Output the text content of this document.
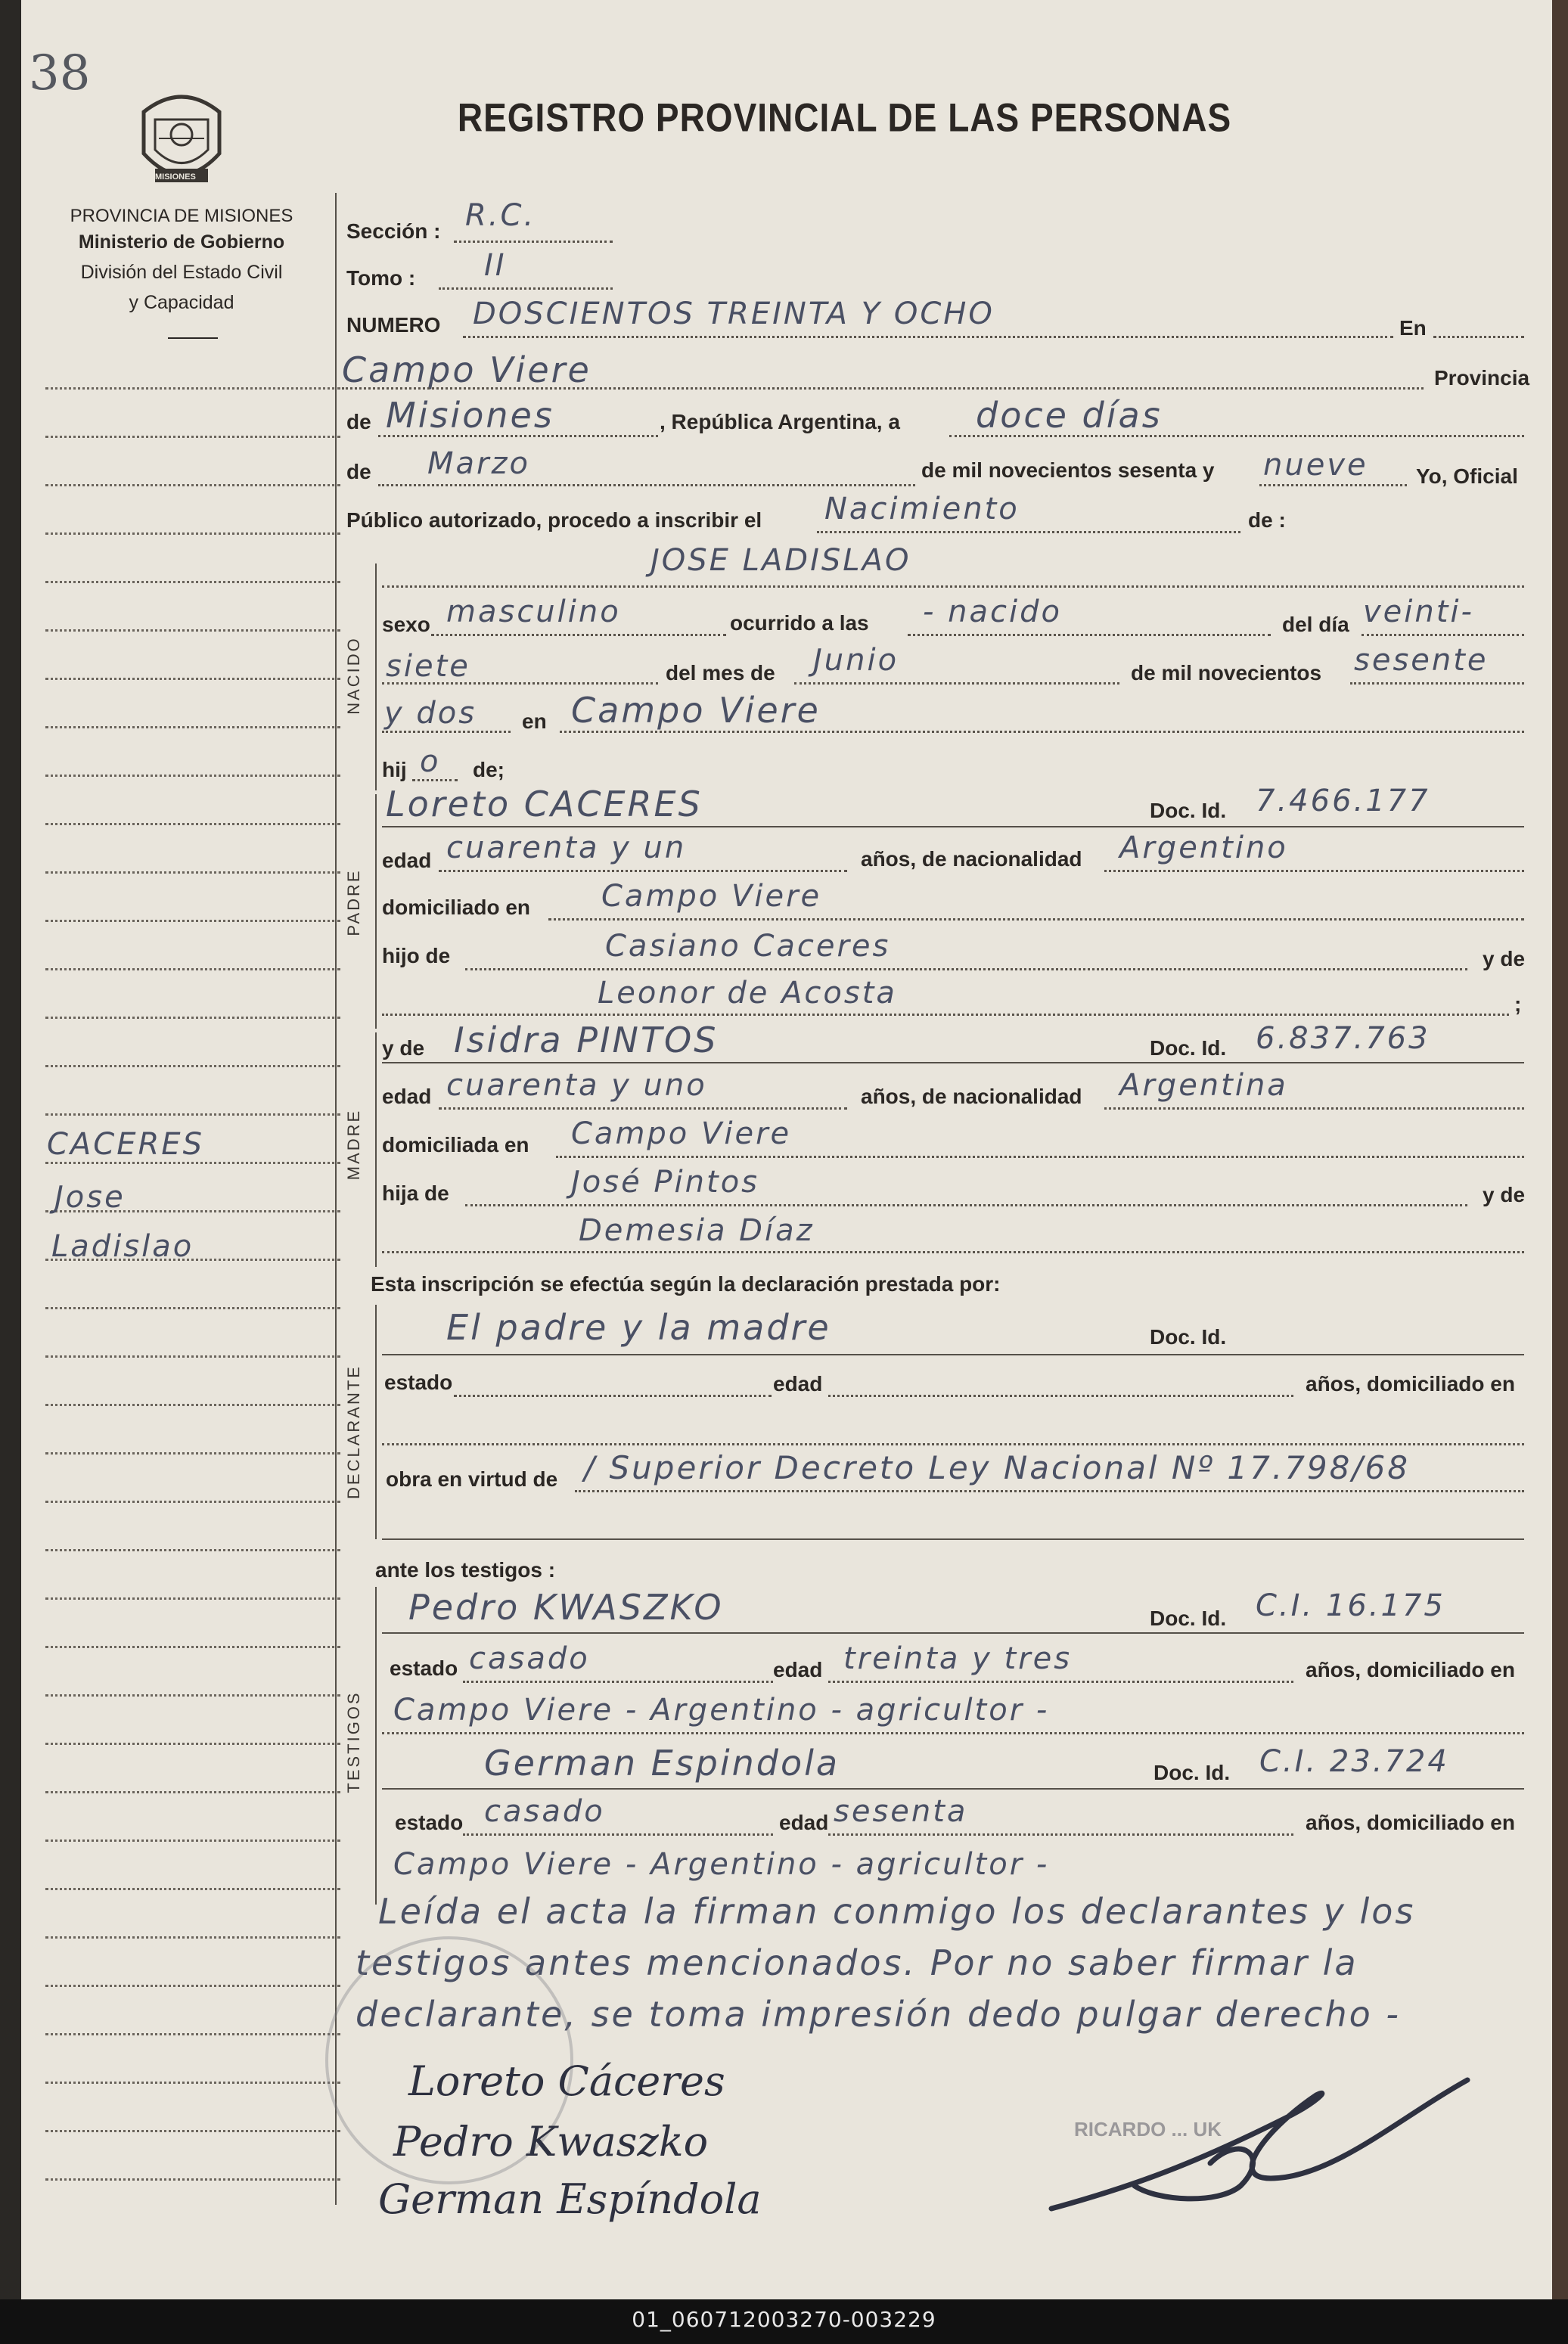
38
MISIONES
REGISTRO PROVINCIAL DE LAS PERSONAS
PROVINCIA DE MISIONES
Ministerio de Gobierno
División del Estado Civil
y Capacidad
CACERES
Jose
Ladislao
Sección : R.C.
Tomo : II
NUMERO DOSCIENTOS TREINTA Y OCHO	En
Campo Viere	Provincia
de Misiones	, República Argentina, a doce días
de Marzo	de mil novecientos sesenta y nueve Yo, Oficial
Público autorizado, procedo a inscribir el Nacimiento	de :
NACIDO
JOSE LADISLAO
sexo masculino	ocurrido a las - nacido	del día veinti-
siete	del mes de Junio	de mil novecientos sesente
y dos en Campo Viere
hij o de;
PADRE
Loreto CACERES	Doc. Id. 7.466.177
edad cuarenta y un	años, de nacionalidad Argentino
domiciliado en Campo Viere
hijo de	Casiano Caceres	y de
Leonor de Acosta	;
MADRE
y de Isidra PINTOS	Doc. Id. 6.837.763
edad cuarenta y uno	años, de nacionalidad Argentina
domiciliada en Campo Viere
hija de	José Pintos	y de
Demesia Díaz
Esta inscripción se efectúa según la declaración prestada por:
DECLARANTE
El padre y la madre	Doc. Id.
estado	edad	años, domiciliado en
obra en virtud de / Superior Decreto Ley Nacional Nº 17.798/68
ante los testigos :
TESTIGOS
Pedro KWASZKO	Doc. Id. C.I. 16.175
estado casado	edad treinta y tres	años, domiciliado en
Campo Viere - Argentino - agricultor -
German Espindola	Doc. Id. C.I. 23.724
estado casado	edad sesenta	años, domiciliado en
Campo Viere - Argentino - agricultor -
Leída el acta la firman conmigo los declarantes y los
testigos antes mencionados. Por no saber firmar la
declarante, se toma impresión dedo pulgar derecho -
Loreto Cáceres
Pedro Kwaszko
German Espíndola
RICARDO ... UK
01_060712003270-003229
